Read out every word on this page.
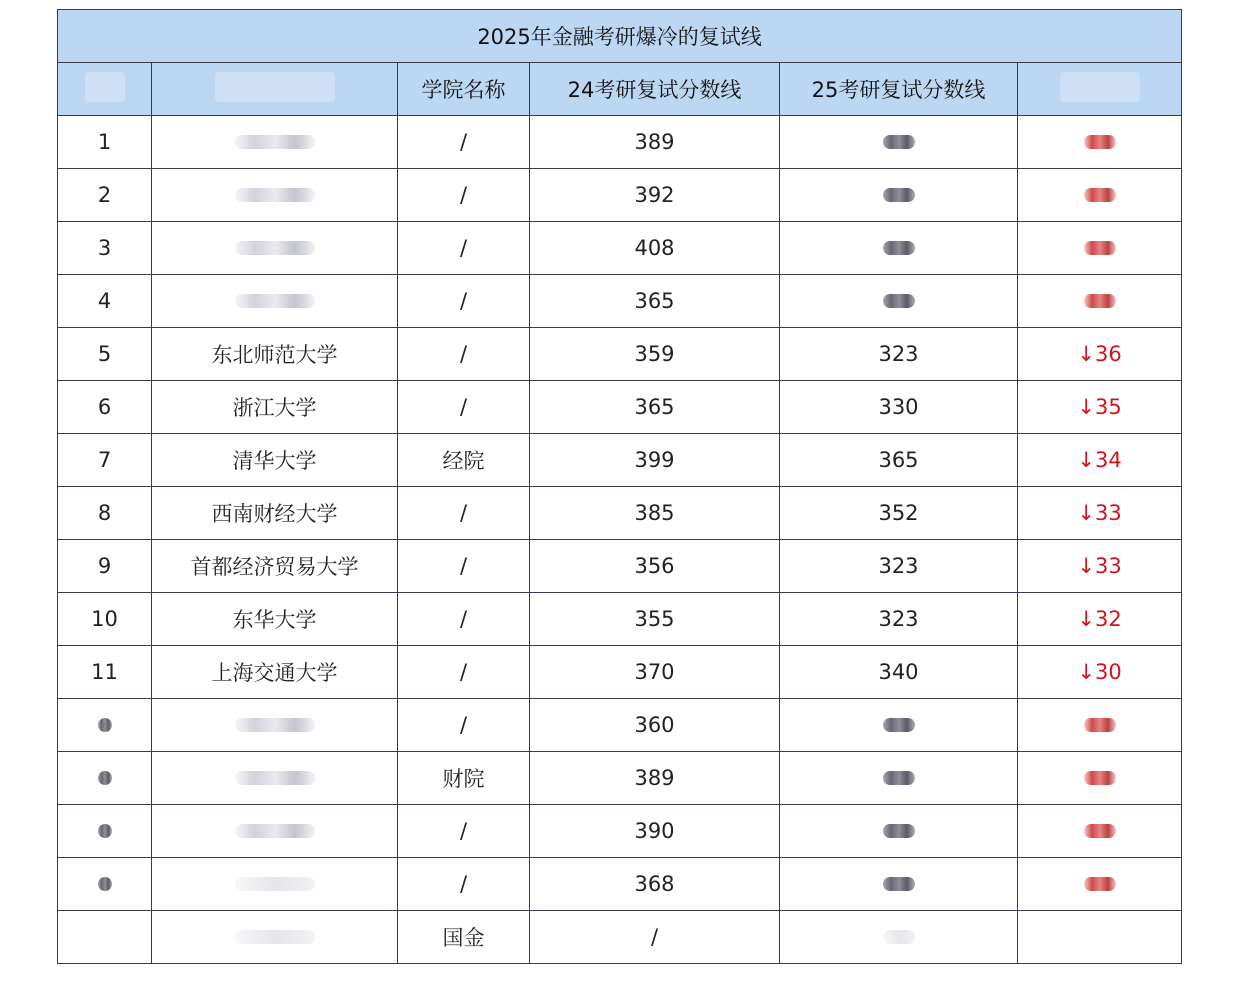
2025年金融考研爆冷的复试线					
		学院名称	24考研复试分数线	25考研复试分数线	
1		/	389		
2		/	392		
3		/	408		
4		/	365		
5	东北师范大学	/	359	323	↓36
6	浙江大学	/	365	330	↓35
7	清华大学	经院	399	365	↓34
8	西南财经大学	/	385	352	↓33
9	首都经济贸易大学	/	356	323	↓33
10	东华大学	/	355	323	↓32
11	上海交通大学	/	370	340	↓30
		/	360		
		财院	389		
		/	390		
		/	368		
		国金	/		
